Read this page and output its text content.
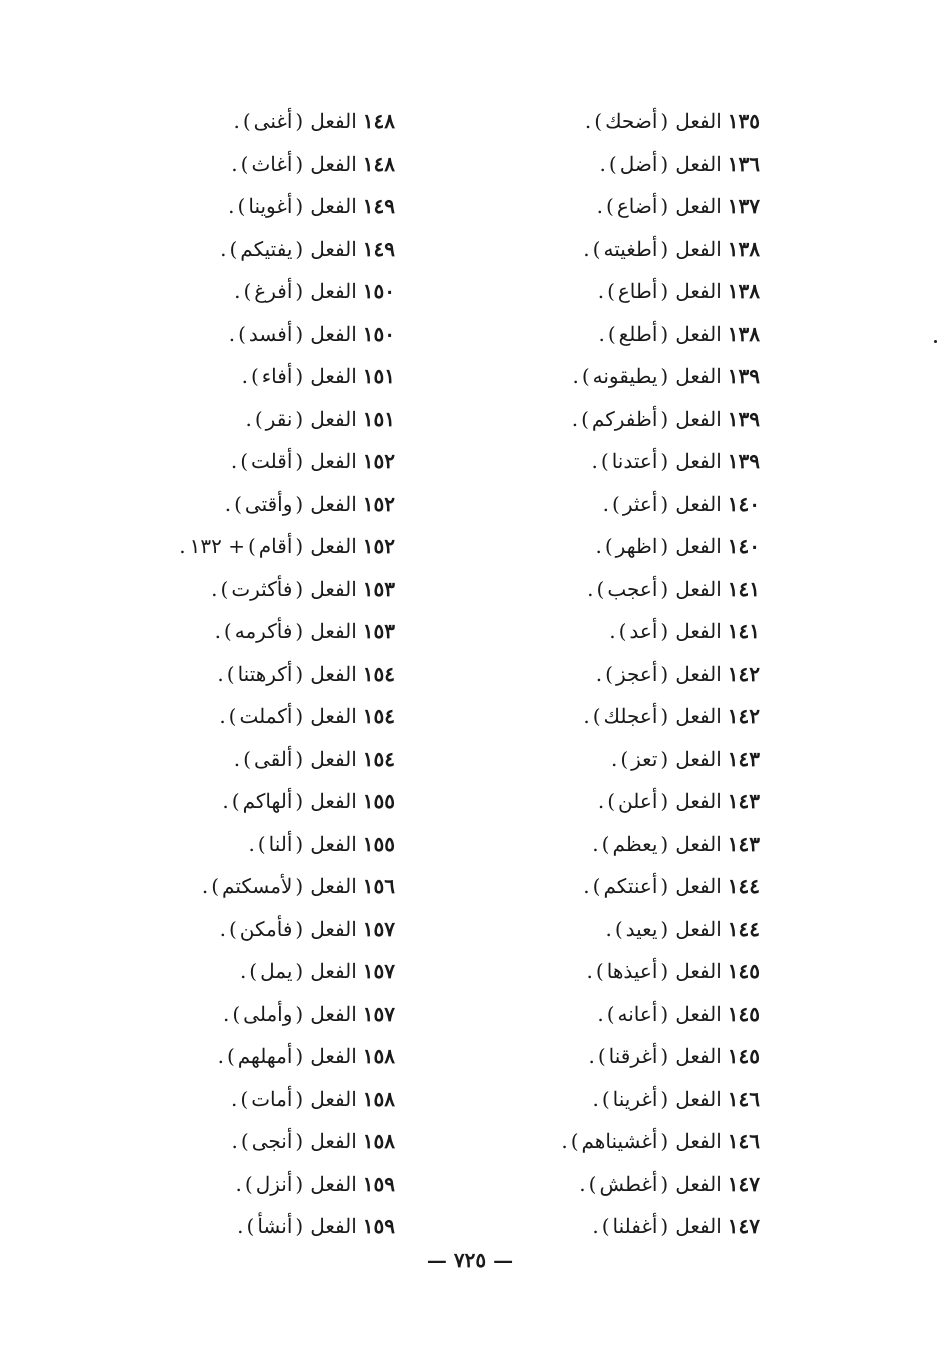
١٣٥الفعل(أضحك).
١٣٦الفعل(أضل).
١٣٧الفعل(أضاع).
١٣٨الفعل(أطغيته).
١٣٨الفعل(أطاع).
١٣٨الفعل(أطلع).
١٣٩الفعل(يطيقونه).
١٣٩الفعل(أظفركم).
١٣٩الفعل(أعتدنا).
١٤٠الفعل(أعثر).
١٤٠الفعل(اظهر).
١٤١الفعل(أعجب).
١٤١الفعل(أعد).
١٤٢الفعل(أعجز).
١٤٢الفعل(أعجلك).
١٤٣الفعل(تعز).
١٤٣الفعل(أعلن).
١٤٣الفعل(يعظم).
١٤٤الفعل(أعنتكم).
١٤٤الفعل(يعيد).
١٤٥الفعل(أعيذها).
١٤٥الفعل(أعانه).
١٤٥الفعل(أغرقنا).
١٤٦الفعل(أغرينا).
١٤٦الفعل(أغشيناهم).
١٤٧الفعل(أغطش).
١٤٧الفعل(أغفلنا).
١٤٨الفعل(أغنى).
١٤٨الفعل(أغاث).
١٤٩الفعل(أغوينا).
١٤٩الفعل(يفتيكم).
١٥٠الفعل(أفرغ).
١٥٠الفعل(أفسد).
١٥١الفعل(أفاء).
١٥١الفعل(نقر).
١٥٢الفعل(أقلت).
١٥٢الفعل(وأقتى).
١٥٢الفعل(أقام)+ ١٣٢.
١٥٣الفعل(فأكثرت).
١٥٣الفعل(فأكرمه).
١٥٤الفعل(أكرهتنا).
١٥٤الفعل(أكملت).
١٥٤الفعل(ألقى).
١٥٥الفعل(ألهاكم).
١٥٥الفعل(ألنا).
١٥٦الفعل(لأمسكتم).
١٥٧الفعل(فأمكن).
١٥٧الفعل(يمل).
١٥٧الفعل(وأملى).
١٥٨الفعل(أمهلهم).
١٥٨الفعل(أمات).
١٥٨الفعل(أنجى).
١٥٩الفعل(أنزل).
١٥٩الفعل(أنشأ).
— ٧٢٥ —
